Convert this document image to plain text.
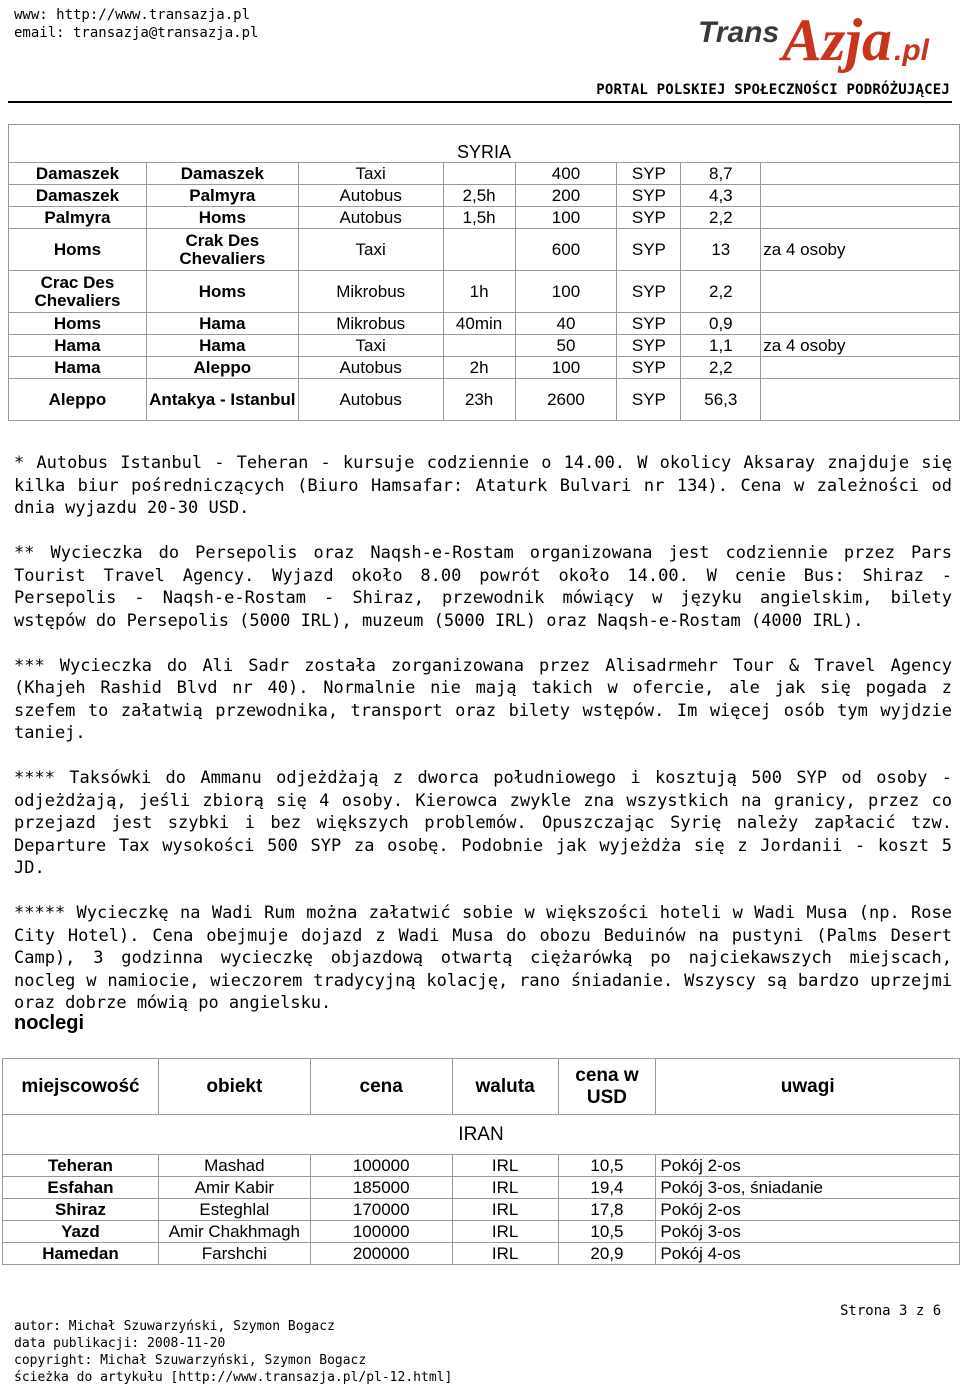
www: http://www.transazja.pl
email: transazja@transazja.pl	Trans Azja .pl
PORTAL POLSKIEJ SPOŁECZNOŚCI PODRÓŻUJĄCEJ
SYRIA							
Damaszek	Damaszek	Taxi		400	SYP	8,7	
Damaszek	Palmyra	Autobus	2,5h	200	SYP	4,3	
Palmyra	Homs	Autobus	1,5h	100	SYP	2,2	
Homs	Crak Des Chevaliers	Taxi		600	SYP	13	za 4 osoby
Crac Des Chevaliers	Homs	Mikrobus	1h	100	SYP	2,2	
Homs	Hama	Mikrobus	40min	40	SYP	0,9	
Hama	Hama	Taxi		50	SYP	1,1	za 4 osoby
Hama	Aleppo	Autobus	2h	100	SYP	2,2	
Aleppo	Antakya - Istanbul	Autobus	23h	2600	SYP	56,3	

* Autobus Istanbul - Teheran - kursuje codziennie o 14.00. W okolicy Aksaray znajduje się kilka biur pośredniczących (Biuro Hamsafar: Ataturk Bulvari nr 134). Cena w zależności od dnia wyjazdu 20-30 USD.

** Wycieczka do Persepolis oraz Naqsh-e-Rostam organizowana jest codziennie przez Pars Tourist Travel Agency. Wyjazd około 8.00 powrót około 14.00. W cenie Bus: Shiraz - Persepolis - Naqsh-e-Rostam - Shiraz, przewodnik mówiący w języku angielskim, bilety wstępów do Persepolis (5000 IRL), muzeum (5000 IRL) oraz Naqsh-e-Rostam (4000 IRL).

*** Wycieczka do Ali Sadr została zorganizowana przez Alisadrmehr Tour & Travel Agency (Khajeh Rashid Blvd nr 40). Normalnie nie mają takich w ofercie, ale jak się pogada z szefem to załatwią przewodnika, transport oraz bilety wstępów. Im więcej osób tym wyjdzie taniej.

**** Taksówki do Ammanu odjeżdżają z dworca południowego i kosztują 500 SYP od osoby - odjeżdżają, jeśli zbiorą się 4 osoby. Kierowca zwykle zna wszystkich na granicy, przez co przejazd jest szybki i bez większych problemów. Opuszczając Syrię należy zapłacić tzw. Departure Tax wysokości 500 SYP za osobę. Podobnie jak wyjeżdża się z Jordanii - koszt 5 JD.

***** Wycieczkę na Wadi Rum można załatwić sobie w większości hoteli w Wadi Musa (np. Rose City Hotel). Cena obejmuje dojazd z Wadi Musa do obozu Beduinów na pustyni (Palms Desert Camp), 3 godzinna wycieczkę objazdową otwartą ciężarówką po najciekawszych miejscach, nocleg w namiocie, wieczorem tradycyjną kolację, rano śniadanie. Wszyscy są bardzo uprzejmi oraz dobrze mówią po angielsku.

noclegi
miejscowość	obiekt	cena	waluta	cena w USD	uwagi
IRAN					
Teheran	Mashad	100000	IRL	10,5	Pokój 2-os
Esfahan	Amir Kabir	185000	IRL	19,4	Pokój 3-os, śniadanie
Shiraz	Esteghlal	170000	IRL	17,8	Pokój 2-os
Yazd	Amir Chakhmagh	100000	IRL	10,5	Pokój 3-os
Hamedan	Farshchi	200000	IRL	20,9	Pokój 4-os
autor: Michał Szuwarzyński, Szymon Bogacz
data publikacji: 2008-11-20
copyright: Michał Szuwarzyński, Szymon Bogacz
ścieżka do artykułu [http://www.transazja.pl/pl-12.html]
Strona 3 z 6
